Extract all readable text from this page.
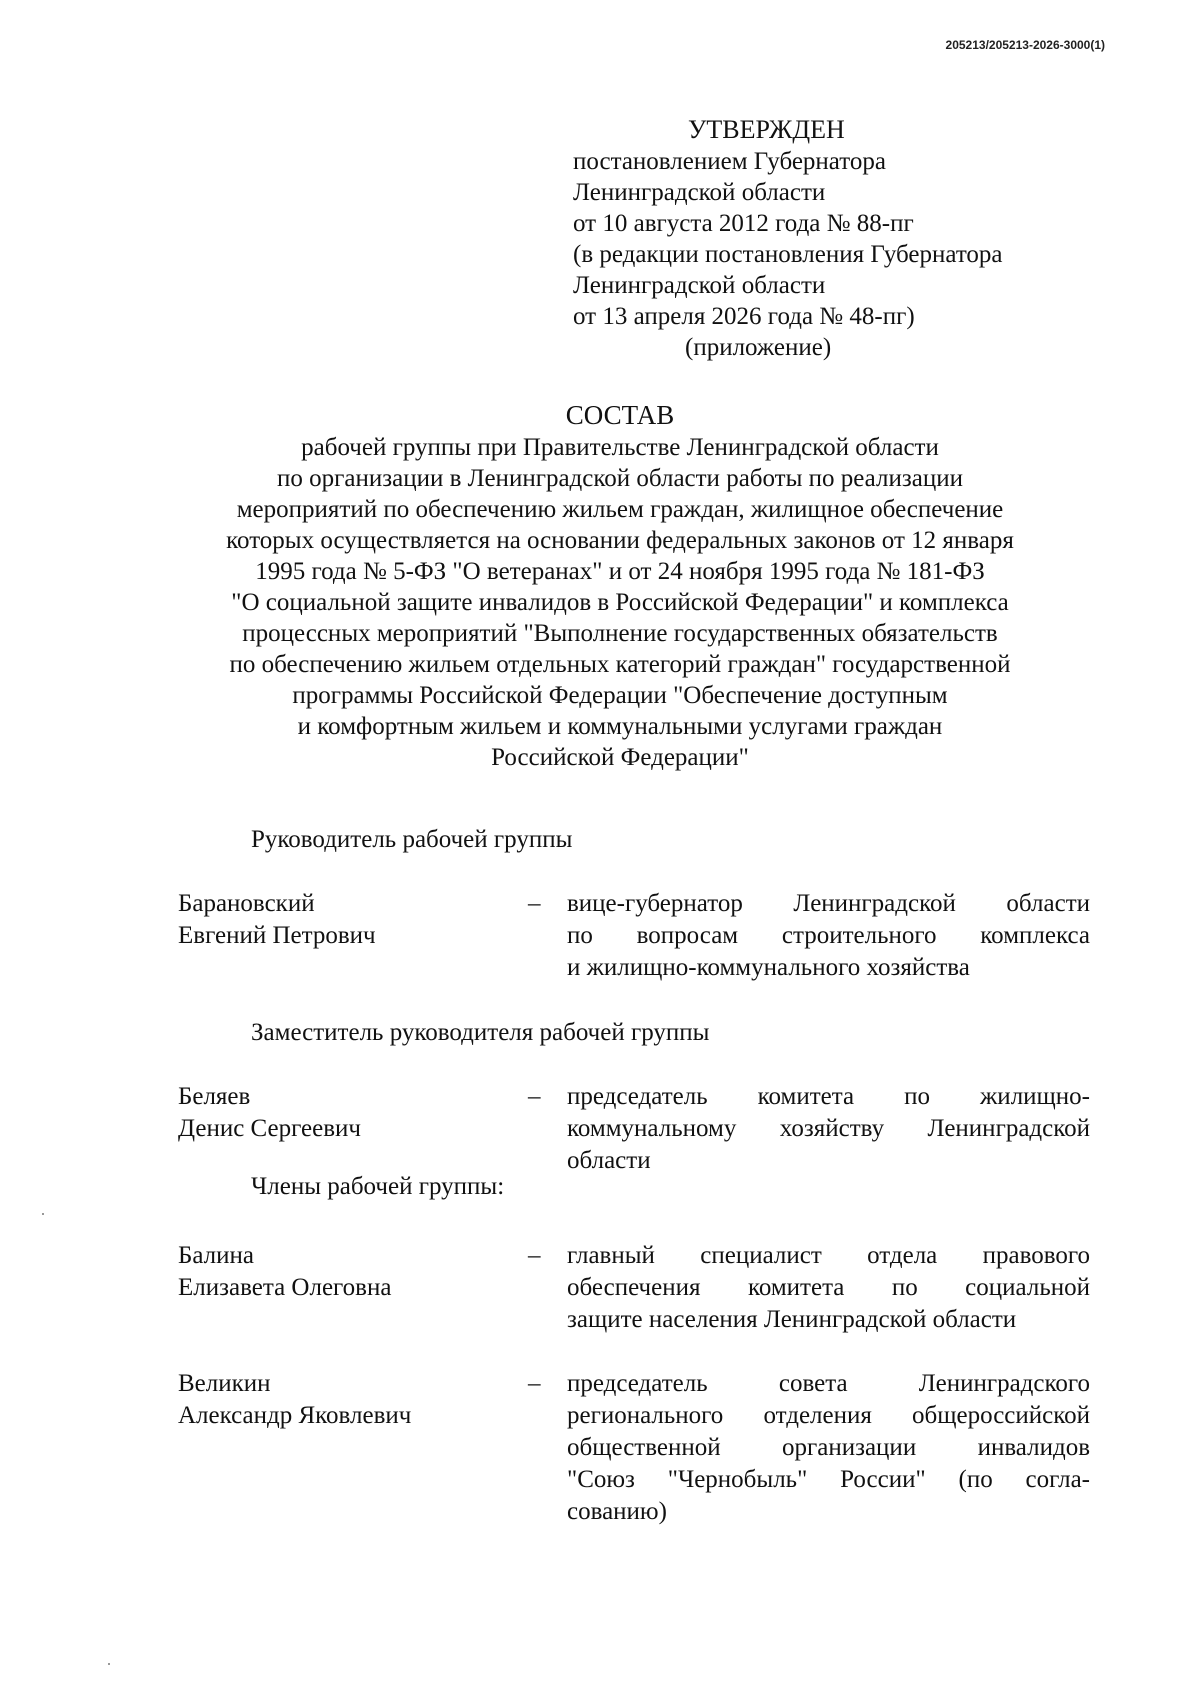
205213/205213-2026-3000(1)
УТВЕРЖДЕН
постановлением Губернатора
Ленинградской области
от 10 августа 2012 года № 88-пг
(в редакции постановления Губернатора
Ленинградской области
от 13 апреля 2026 года № 48-пг)
(приложение)
СОСТАВ
рабочей группы при Правительстве Ленинградской области
по организации в Ленинградской области работы по реализации
мероприятий по обеспечению жильем граждан, жилищное обеспечение
которых осуществляется на основании федеральных законов от 12 января
1995 года № 5-ФЗ "О ветеранах" и от 24 ноября 1995 года № 181-ФЗ
"О социальной защите инвалидов в Российской Федерации" и комплекса
процессных мероприятий "Выполнение государственных обязательств
по обеспечению жильем отдельных категорий граждан" государственной
программы Российской Федерации "Обеспечение доступным
и комфортным жильем и коммунальными услугами граждан
Российской Федерации"
Руководитель рабочей группы
Барановский
Евгений Петрович
– вице-губернатор Ленинградской области
по вопросам строительного комплекса
и жилищно-коммунального хозяйства
Заместитель руководителя рабочей группы
Беляев
Денис Сергеевич
– председатель комитета по жилищно-
коммунальному хозяйству Ленинградской
области
Члены рабочей группы:
Балина
Елизавета Олеговна
– главный специалист отдела правового
обеспечения комитета по социальной
защите населения Ленинградской области
Великин
Александр Яковлевич
– председатель совета Ленинградского
регионального отделения общероссийской
общественной организации инвалидов
"Союз "Чернобыль" России" (по согла-
сованию)
